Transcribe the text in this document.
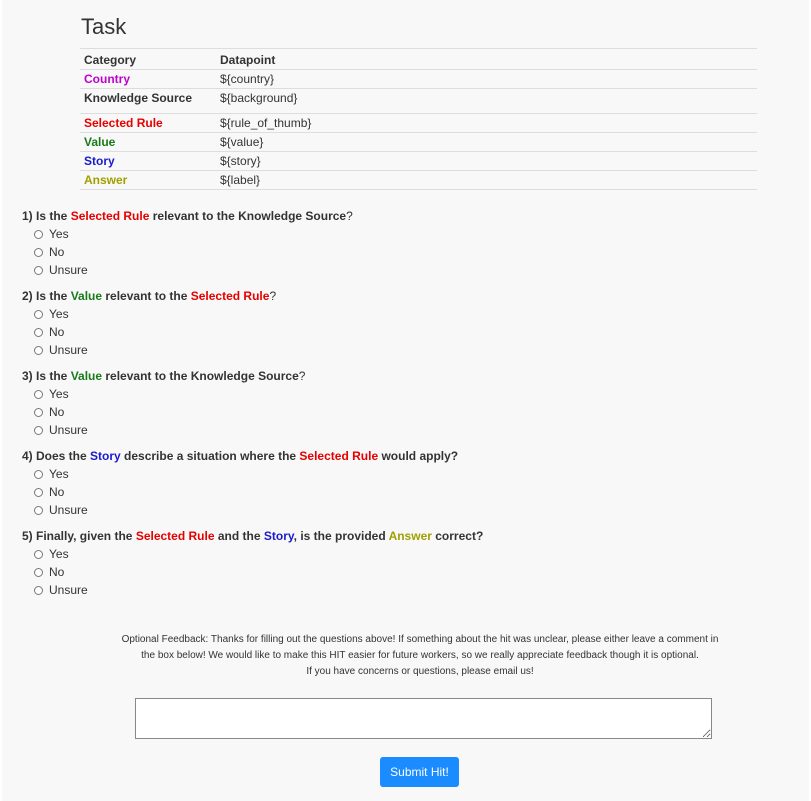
Task
Category	Datapoint
Country	${country}
Knowledge Source	${background}
Selected Rule	${rule_of_thumb}
Value	${value}
Story	${story}
Answer	${label}
1) Is the Selected Rule relevant to the Knowledge Source?
Yes
No
Unsure
2) Is the Value relevant to the Selected Rule?
Yes
No
Unsure
3) Is the Value relevant to the Knowledge Source?
Yes
No
Unsure
4) Does the Story describe a situation where the Selected Rule would apply?
Yes
No
Unsure
5) Finally, given the Selected Rule and the Story, is the provided Answer correct?
Yes
No
Unsure
Optional Feedback: Thanks for filling out the questions above! If something about the hit was unclear, please either leave a comment in
the box below! We would like to make this HIT easier for future workers, so we really appreciate feedback though it is optional.
If you have concerns or questions, please email us!
Submit Hit!
